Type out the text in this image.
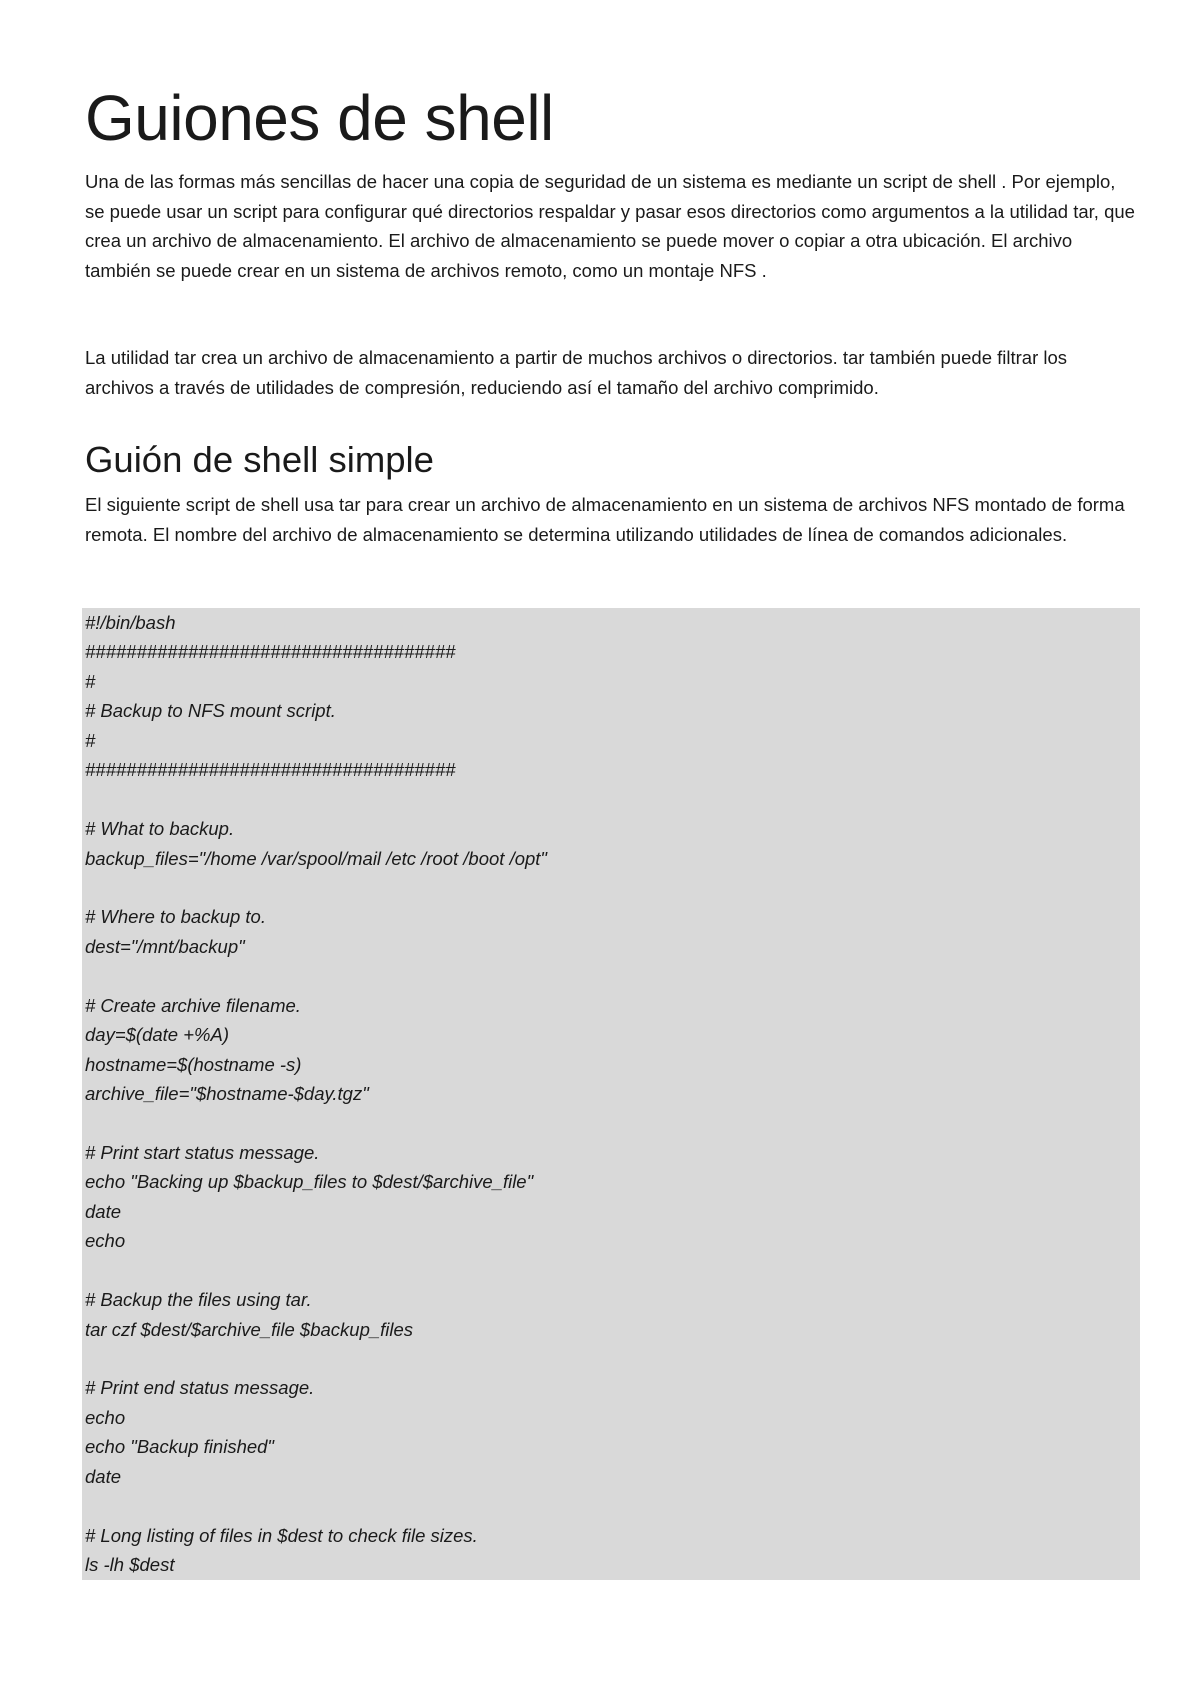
Guiones de shell

Una de las formas más sencillas de hacer una copia de seguridad de un sistema es mediante un script de shell . Por ejemplo, se puede usar un script para configurar qué directorios respaldar y pasar esos directorios como argumentos a la utilidad tar, que crea un archivo de almacenamiento. El archivo de almacenamiento se puede mover o copiar a otra ubicación. El archivo también se puede crear en un sistema de archivos remoto, como un montaje NFS .

La utilidad tar crea un archivo de almacenamiento a partir de muchos archivos o directorios. tar también puede filtrar los archivos a través de utilidades de compresión, reduciendo así el tamaño del archivo comprimido.

Guión de shell simple

El siguiente script de shell usa tar para crear un archivo de almacenamiento en un sistema de archivos NFS montado de forma remota. El nombre del archivo de almacenamiento se determina utilizando utilidades de línea de comandos adicionales.

#!/bin/bash
####################################
#
# Backup to NFS mount script.
#
####################################
# What to backup.
backup_files="/home /var/spool/mail /etc /root /boot /opt"
# Where to backup to.
dest="/mnt/backup"
# Create archive filename.
day=$(date +%A)
hostname=$(hostname -s)
archive_file="$hostname-$day.tgz"
# Print start status message.
echo "Backing up $backup_files to $dest/$archive_file"
date
echo
# Backup the files using tar.
tar czf $dest/$archive_file $backup_files
# Print end status message.
echo
echo "Backup finished"
date
# Long listing of files in $dest to check file sizes.
ls -lh $dest
